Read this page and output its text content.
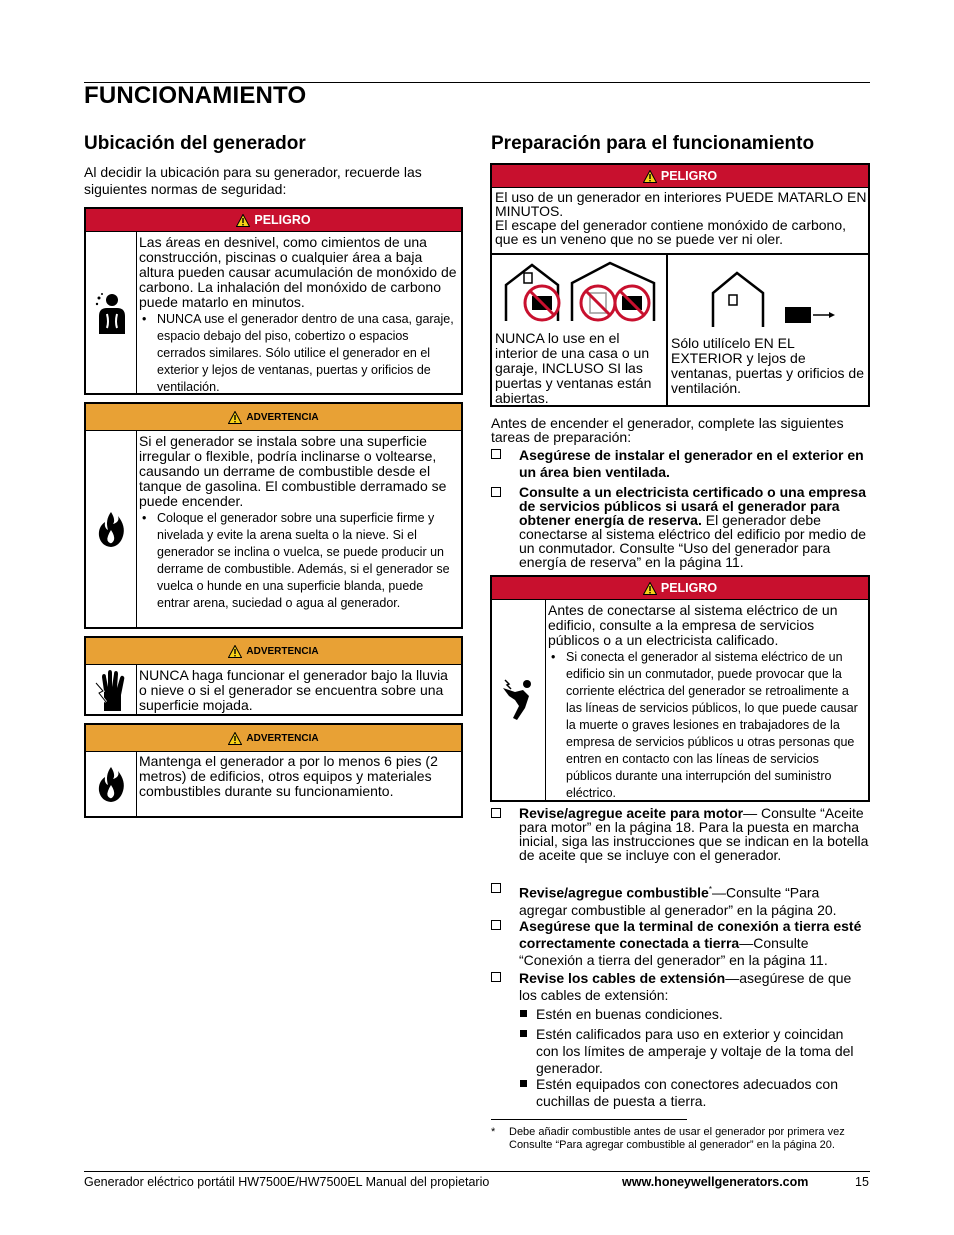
FUNCIONAMIENTO
Ubicación del generador
Al decidir la ubicación para su generador, recuerde las siguientes normas de seguridad:
PELIGRO
Las áreas en desnivel, como cimientos de una construcción, piscinas o cualquier área a baja altura pueden causar acumulación de monóxido de carbono. La inhalación del monóxido de carbono puede matarlo en minutos.
• NUNCA use el generador dentro de una casa, garaje, espacio debajo del piso, cobertizo o espacios cerrados similares. Sólo utilice el generador en el exterior y lejos de ventanas, puertas y orificios de ventilación.
ADVERTENCIA
Si el generador se instala sobre una superficie irregular o flexible, podría inclinarse o voltearse, causando un derrame de combustible desde el tanque de gasolina. El combustible derramado se puede encender.
• Coloque el generador sobre una superficie firme y nivelada y evite la arena suelta o la nieve. Si el generador se inclina o vuelca, se puede producir un derrame de combustible. Además, si el generador se vuelca o hunde en una superficie blanda, puede entrar arena, suciedad o agua al generador.
ADVERTENCIA
NUNCA haga funcionar el generador bajo la lluvia o nieve o si el generador se encuentra sobre una superficie mojada.
ADVERTENCIA
Mantenga el generador a por lo menos 6 pies (2 metros) de edificios, otros equipos y materiales combustibles durante su funcionamiento.
Preparación para el funcionamiento
PELIGRO
El uso de un generador en interiores PUEDE MATARLO EN MINUTOS.
El escape del generador contiene monóxido de carbono, que es un veneno que no se puede ver ni oler.
NUNCA lo use en el interior de una casa o un garaje, INCLUSO SI las puertas y ventanas están abiertas.
Sólo utilícelo EN EL EXTERIOR y lejos de ventanas, puertas y orificios de ventilación.
Antes de encender el generador, complete las siguientes tareas de preparación:
Asegúrese de instalar el generador en el exterior en un área bien ventilada.
Consulte a un electricista certificado o una empresa de servicios públicos si usará el generador para obtener energía de reserva. El generador debe conectarse al sistema eléctrico del edificio por medio de un conmutador. Consulte “Uso del generador para energía de reserva” en la página 11.
PELIGRO
Antes de conectarse al sistema eléctrico de un edificio, consulte a la empresa de servicios públicos o a un electricista calificado.
• Si conecta el generador al sistema eléctrico de un edificio sin un conmutador, puede provocar que la corriente eléctrica del generador se retroalimente a las líneas de servicios públicos, lo que puede causar la muerte o graves lesiones en trabajadores de la empresa de servicios públicos u otras personas que entren en contacto con las líneas de servicios públicos durante una interrupción del suministro eléctrico.
Revise/agregue aceite para motor— Consulte “Aceite para motor” en la página 18. Para la puesta en marcha inicial, siga las instrucciones que se indican en la botella de aceite que se incluye con el generador.
Revise/agregue combustible*—Consulte “Para agregar combustible al generador” en la página 20.
Asegúrese que la terminal de conexión a tierra esté correctamente conectada a tierra—Consulte “Conexión a tierra del generador” en la página 11.
Revise los cables de extensión—asegúrese de que los cables de extensión:
Estén en buenas condiciones.
Estén calificados para uso en exterior y coincidan con los límites de amperaje y voltaje de la toma del generador.
Estén equipados con conectores adecuados con cuchillas de puesta a tierra.
* Debe añadir combustible antes de usar el generador por primera vez Consulte “Para agregar combustible al generador” en la página 20.
Generador eléctrico portátil HW7500E/HW7500EL Manual del propietario	www.honeywellgenerators.com	15
